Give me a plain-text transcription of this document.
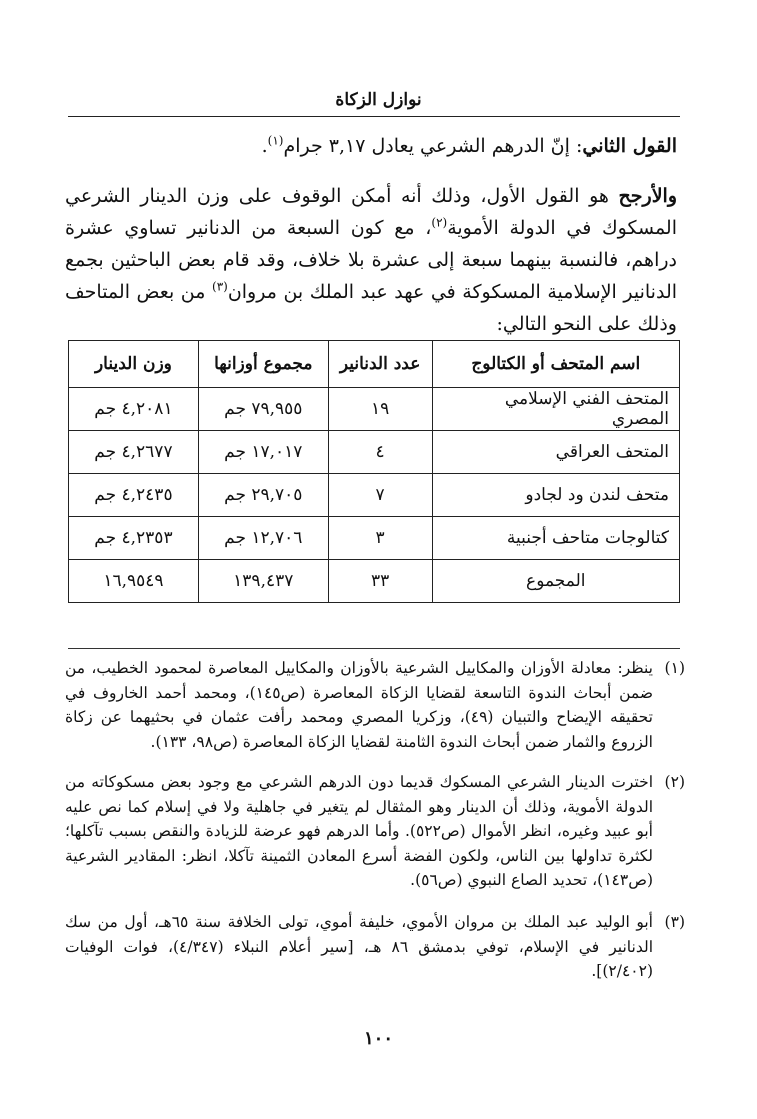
نوازل الزكاة
القول الثاني: إنّ الدرهم الشرعي يعادل ٣,١٧ جرام$^{(١)}$.
والأرجح هو القول الأول، وذلك أنه أمكن الوقوف على وزن الدينار الشرعي المسكوك في الدولة الأموية$^{(٢)}$، مع كون السبعة من الدنانير تساوي عشرة دراهم، فالنسبة بينهما سبعة إلى عشرة بلا خلاف، وقد قام بعض الباحثين بجمع الدنانير الإسلامية المسكوكة في عهد عبد الملك بن مروان$^{(٣)}$ من بعض المتاحف وذلك على النحو التالي:
اسم المتحف أو الكتالوج	عدد الدنانير	مجموع أوزانها	وزن الدينار
المتحف الفني الإسلامي المصري	١٩	٧٩,٩٥٥ جم	٤,٢٠٨١ جم
المتحف العراقي	٤	١٧,٠١٧ جم	٤,٢٦٧٧ جم
متحف لندن ود لجادو	٧	٢٩,٧٠٥ جم	٤,٢٤٣٥ جم
كتالوجات متاحف أجنبية	٣	١٢,٧٠٦ جم	٤,٢٣٥٣ جم
المجموع	٣٣	١٣٩,٤٣٧	١٦,٩٥٤٩
(١)
ينظر: معادلة الأوزان والمكاييل الشرعية بالأوزان والمكاييل المعاصرة لمحمود الخطيب، من ضمن أبحاث الندوة التاسعة لقضايا الزكاة المعاصرة (ص١٤٥)، ومحمد أحمد الخاروف في تحقيقه الإيضاح والتبيان (٤٩)، وزكريا المصري ومحمد رأفت عثمان في بحثيهما عن زكاة الزروع والثمار ضمن أبحاث الندوة الثامنة لقضايا الزكاة المعاصرة (ص٩٨، ١٣٣).
(٢)
اخترت الدينار الشرعي المسكوك قديما دون الدرهم الشرعي مع وجود بعض مسكوكاته من الدولة الأموية، وذلك أن الدينار وهو المثقال لم يتغير في جاهلية ولا في إسلام كما نص عليه أبو عبيد وغيره، انظر الأموال (ص٥٢٢). وأما الدرهم فهو عرضة للزيادة والنقص بسبب تآكلها؛ لكثرة تداولها بين الناس، ولكون الفضة أسرع المعادن الثمينة تآكلا، انظر: المقادير الشرعية (ص١٤٣)، تحديد الصاع النبوي (ص٥٦).
(٣)
أبو الوليد عبد الملك بن مروان الأموي، خليفة أموي، تولى الخلافة سنة ٦٥هـ، أول من سك الدنانير في الإسلام، توفي بدمشق ٨٦ هـ، [سير أعلام النبلاء (٤/٣٤٧)، فوات الوفيات (٢/٤٠٢)].
١٠٠
